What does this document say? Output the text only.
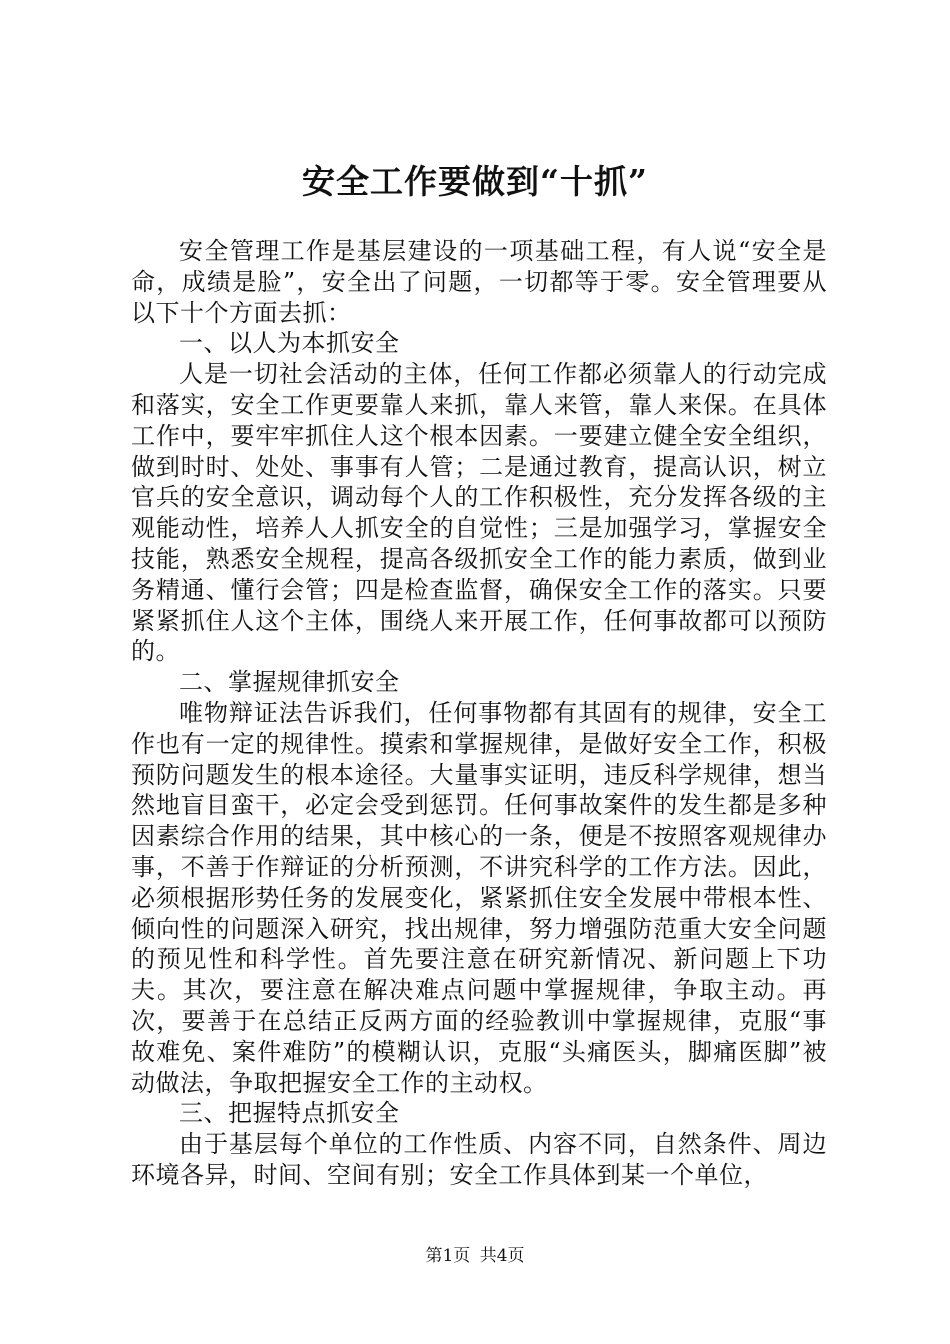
安全工作要做到“十抓”

安全管理工作是基层建设的一项基础工程，有人说“安全是命，成绩是脸”，安全出了问题，一切都等于零。安全管理要从以下十个方面去抓：

一、以人为本抓安全

人是一切社会活动的主体，任何工作都必须靠人的行动完成和落实，安全工作更要靠人来抓，靠人来管，靠人来保。在具体工作中，要牢牢抓住人这个根本因素。一要建立健全安全组织，做到时时、处处、事事有人管；二是通过教育，提高认识，树立官兵的安全意识，调动每个人的工作积极性，充分发挥各级的主观能动性，培养人人抓安全的自觉性；三是加强学习，掌握安全技能，熟悉安全规程，提高各级抓安全工作的能力素质，做到业务精通、懂行会管；四是检查监督，确保安全工作的落实。只要紧紧抓住人这个主体，围绕人来开展工作，任何事故都可以预防的。

二、掌握规律抓安全

唯物辩证法告诉我们，任何事物都有其固有的规律，安全工作也有一定的规律性。摸索和掌握规律，是做好安全工作，积极预防问题发生的根本途径。大量事实证明，违反科学规律，想当然地盲目蛮干，必定会受到惩罚。任何事故案件的发生都是多种因素综合作用的结果，其中核心的一条，便是不按照客观规律办事，不善于作辩证的分析预测，不讲究科学的工作方法。因此，必须根据形势任务的发展变化，紧紧抓住安全发展中带根本性、倾向性的问题深入研究，找出规律，努力增强防范重大安全问题的预见性和科学性。首先要注意在研究新情况、新问题上下功夫。其次，要注意在解决难点问题中掌握规律，争取主动。再次，要善于在总结正反两方面的经验教训中掌握规律，克服“事故难免、案件难防”的模糊认识，克服“头痛医头，脚痛医脚”被动做法，争取把握安全工作的主动权。

三、把握特点抓安全

由于基层每个单位的工作性质、内容不同，自然条件、周边环境各异，时间、空间有别；安全工作具体到某一个单位，

第1页 共4页
